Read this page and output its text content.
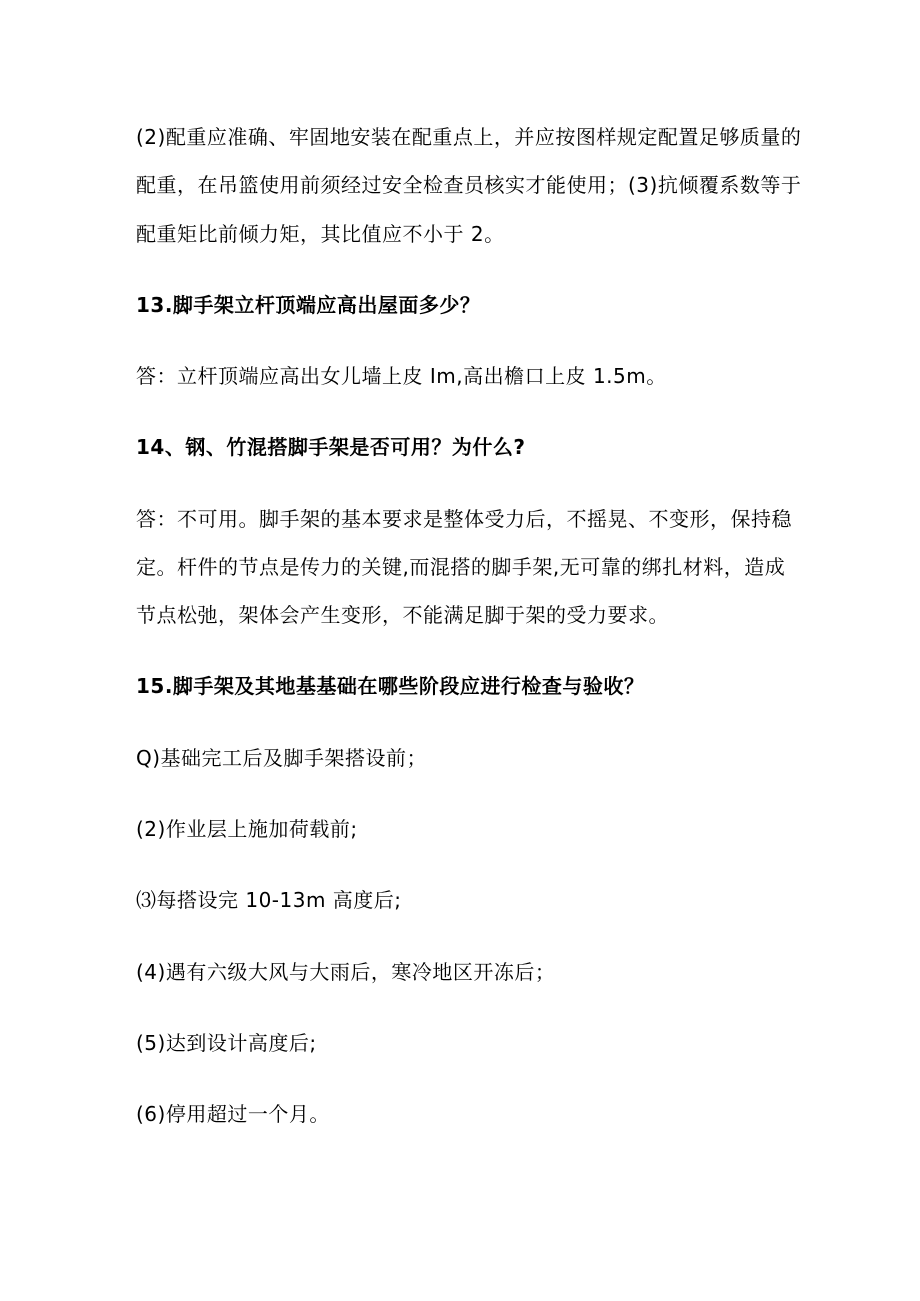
(2)配重应准确、牢固地安装在配重点上，并应按图样规定配置足够质量的
配重，在吊篮使用前须经过安全检查员核实才能使用；(3)抗倾覆系数等于
配重矩比前倾力矩，其比值应不小于 2。
13.脚手架立杆顶端应高出屋面多少？
答：立杆顶端应高出女儿墙上皮 Im,高出檐口上皮 1.5m。
14、钢、竹混搭脚手架是否可用？为什么?
答：不可用。脚手架的基本要求是整体受力后，不摇晃、不变形，保持稳
定。杆件的节点是传力的关键,而混搭的脚手架,无可靠的绑扎材料，造成
节点松弛，架体会产生变形，不能满足脚于架的受力要求。
15.脚手架及其地基基础在哪些阶段应进行检查与验收？
Q)基础完工后及脚手架搭设前；
(2)作业层上施加荷载前;
⑶每搭设完 10-13m 高度后;
(4)遇有六级大风与大雨后，寒冷地区开冻后；
(5)达到设计高度后;
(6)停用超过一个月。
